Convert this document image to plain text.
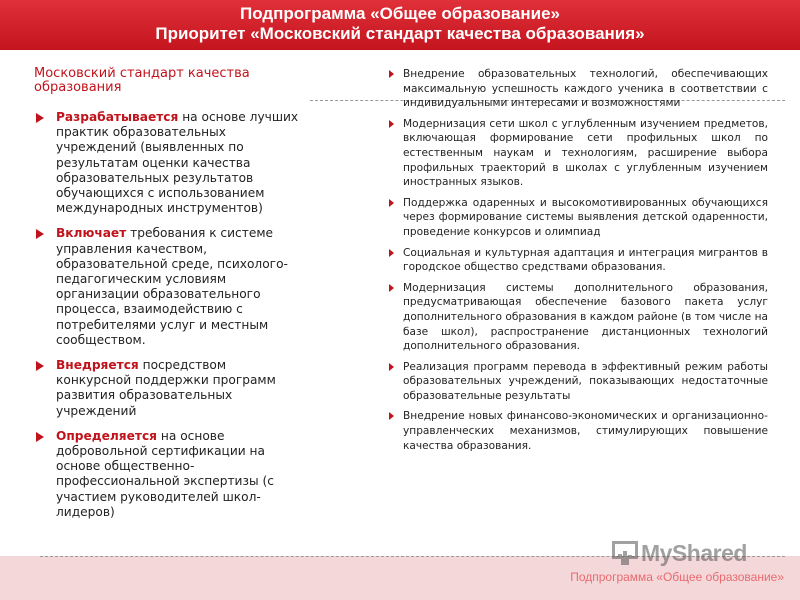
Подпрограмма «Общее образование»
Приоритет «Московский стандарт качества образования»
Московский стандарт качества образования
Разрабатывается на основе лучших практик образовательных учреждений (выявленных по результатам оценки качества образовательных результатов обучающихся с использованием международных инструментов)
Включает требования к системе управления качеством, образовательной среде, психолого-педагогическим условиям организации образовательного процесса, взаимодействию с потребителями услуг и местным сообществом.
Внедряется посредством конкурсной поддержки программ развития образовательных учреждений
Определяется на основе добровольной сертификации на основе общественно-профессиональной экспертизы (с участием руководителей школ-лидеров)
Внедрение образовательных технологий, обеспечивающих максимальную успешность каждого ученика в соответствии с индивидуальными интересами и возможностями
Модернизация сети школ с углубленным изучением предметов, включающая формирование сети профильных школ по естественным наукам и технологиям, расширение выбора профильных траекторий в школах с углубленным изучением иностранных языков.
Поддержка одаренных и высокомотивированных обучающихся через формирование системы выявления детской одаренности, проведение конкурсов и олимпиад
Социальная и культурная адаптация и интеграция мигрантов в городское общество средствами образования.
Модернизация системы дополнительного образования, предусматривающая обеспечение базового пакета услуг дополнительного образования в каждом районе (в том числе на базе школ), распространение дистанционных технологий дополнительного образования.
Реализация программ перевода в эффективный режим работы образовательных учреждений, показывающих недостаточные образовательные результаты
Внедрение новых финансово-экономических и организационно-управленческих механизмов, стимулирующих повышение качества образования.
MyShared
Подпрограмма «Общее образование»
